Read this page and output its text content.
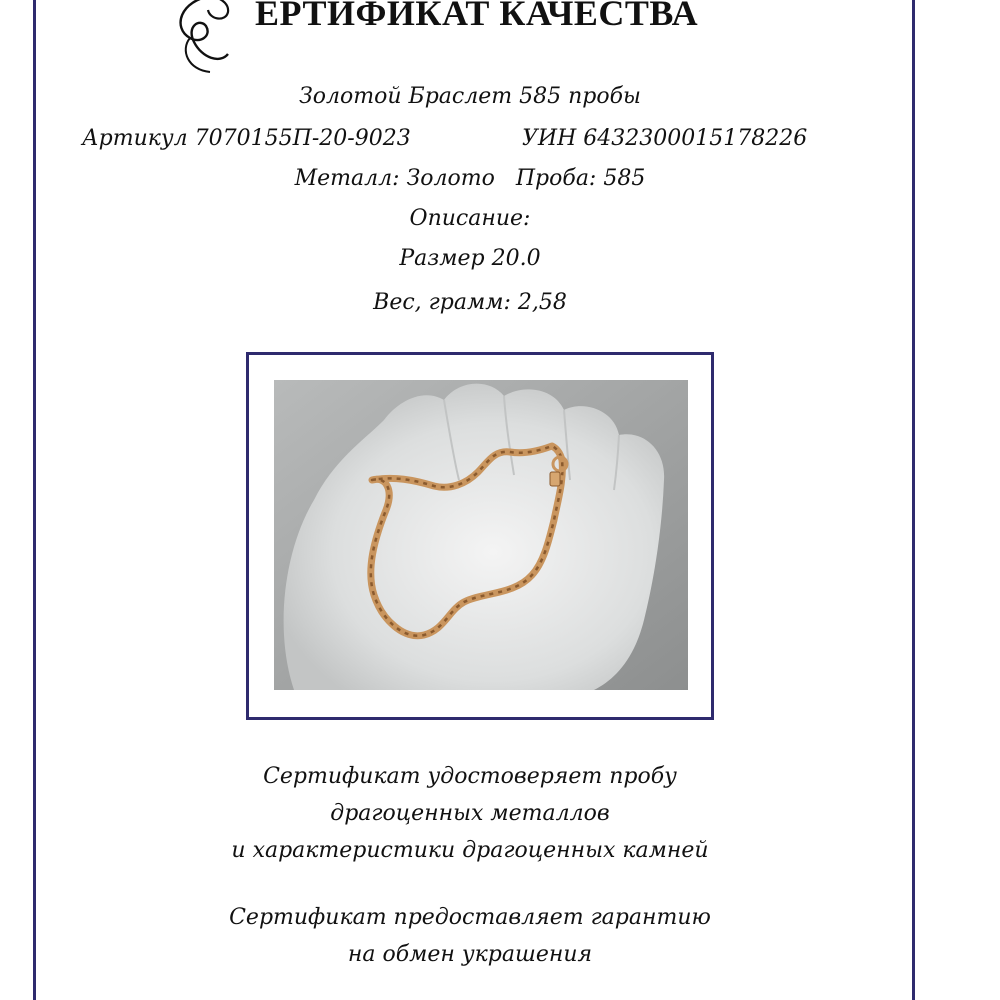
ЕРТИФИКАТ КАЧЕСТВА
Золотой Браслет 585 пробы
Артикул 7070155П-20-9023	УИН 6432300015178226
Металл: Золото   Проба: 585
Описание:
Размер 20.0
Вес, грамм: 2,58
Сертификат удостоверяет пробу
драгоценных металлов
и характеристики драгоценных камней
Сертификат предоставляет гарантию
на обмен украшения
